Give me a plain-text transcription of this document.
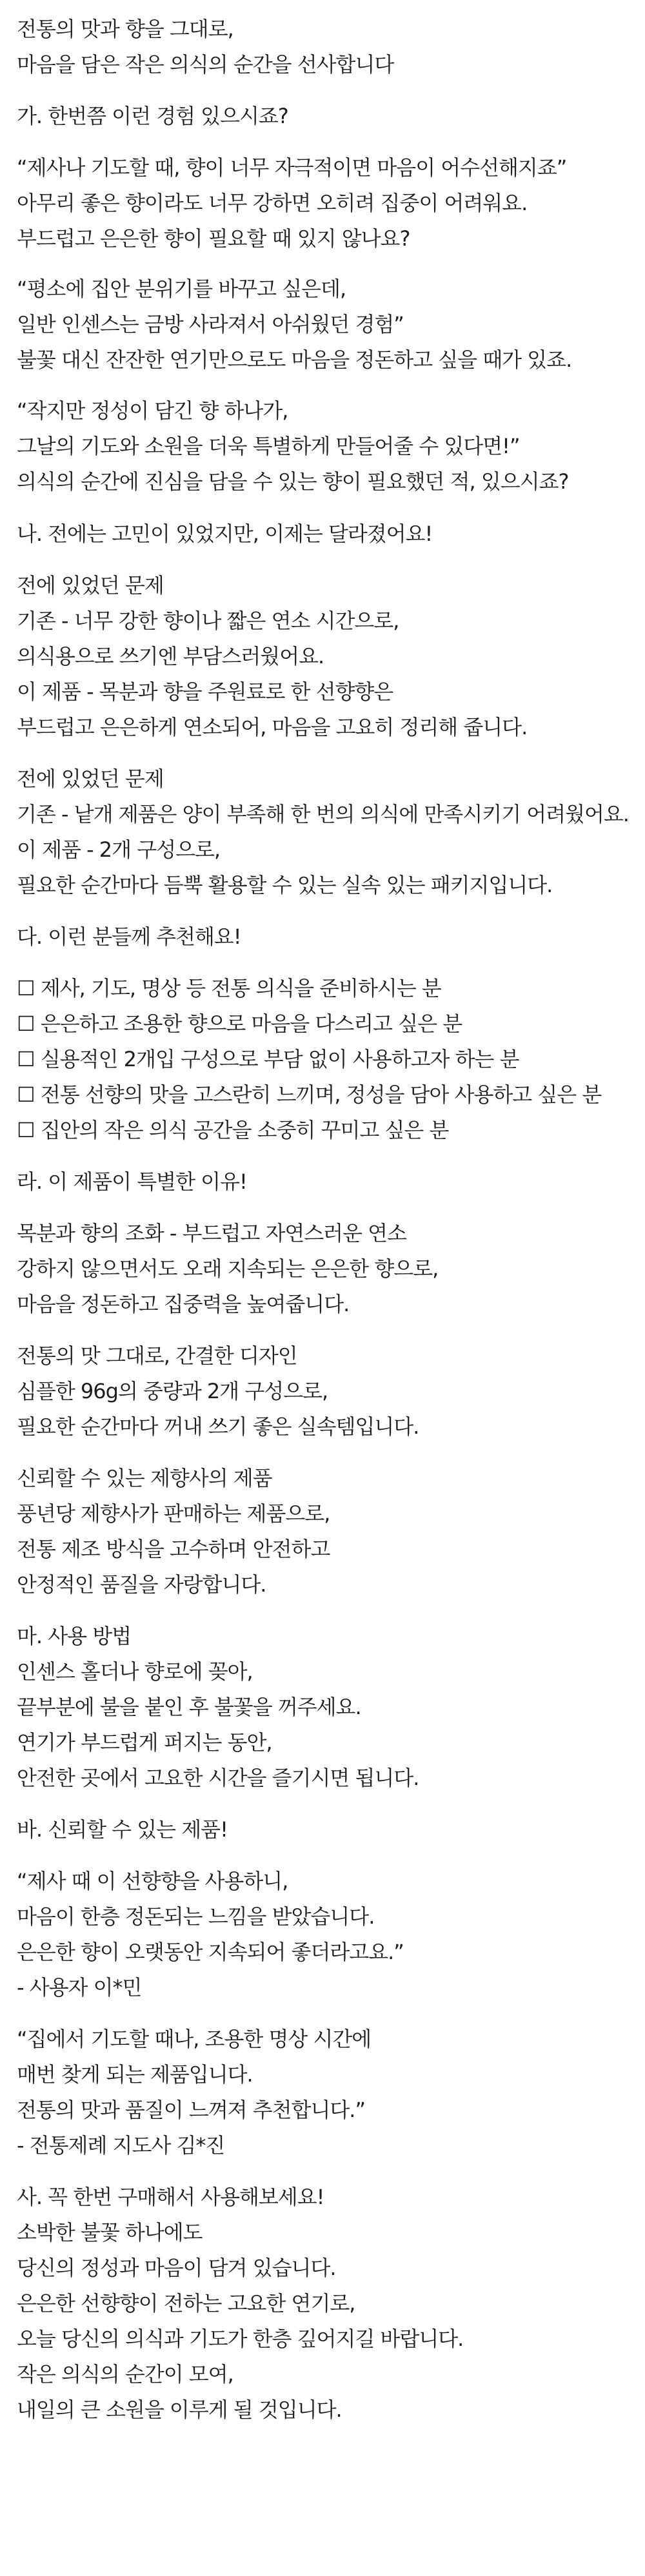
전통의 맛과 향을 그대로,
마음을 담은 작은 의식의 순간을 선사합니다
가. 한번쯤 이런 경험 있으시죠?
“제사나 기도할 때, 향이 너무 자극적이면 마음이 어수선해지죠”
아무리 좋은 향이라도 너무 강하면 오히려 집중이 어려워요.
부드럽고 은은한 향이 필요할 때 있지 않나요?
“평소에 집안 분위기를 바꾸고 싶은데,
일반 인센스는 금방 사라져서 아쉬웠던 경험”
불꽃 대신 잔잔한 연기만으로도 마음을 정돈하고 싶을 때가 있죠.
“작지만 정성이 담긴 향 하나가,
그날의 기도와 소원을 더욱 특별하게 만들어줄 수 있다면!”
의식의 순간에 진심을 담을 수 있는 향이 필요했던 적, 있으시죠?
나. 전에는 고민이 있었지만, 이제는 달라졌어요!
전에 있었던 문제
기존 - 너무 강한 향이나 짧은 연소 시간으로,
의식용으로 쓰기엔 부담스러웠어요.
이 제품 - 목분과 향을 주원료로 한 선향향은
부드럽고 은은하게 연소되어, 마음을 고요히 정리해 줍니다.
전에 있었던 문제
기존 - 낱개 제품은 양이 부족해 한 번의 의식에 만족시키기 어려웠어요.
이 제품 - 2개 구성으로,
필요한 순간마다 듬뿍 활용할 수 있는 실속 있는 패키지입니다.
다. 이런 분들께 추천해요!
☐ 제사, 기도, 명상 등 전통 의식을 준비하시는 분
☐ 은은하고 조용한 향으로 마음을 다스리고 싶은 분
☐ 실용적인 2개입 구성으로 부담 없이 사용하고자 하는 분
☐ 전통 선향의 맛을 고스란히 느끼며, 정성을 담아 사용하고 싶은 분
☐ 집안의 작은 의식 공간을 소중히 꾸미고 싶은 분
라. 이 제품이 특별한 이유!
목분과 향의 조화 - 부드럽고 자연스러운 연소
강하지 않으면서도 오래 지속되는 은은한 향으로,
마음을 정돈하고 집중력을 높여줍니다.
전통의 맛 그대로, 간결한 디자인
심플한 96g의 중량과 2개 구성으로,
필요한 순간마다 꺼내 쓰기 좋은 실속템입니다.
신뢰할 수 있는 제향사의 제품
풍년당 제향사가 판매하는 제품으로,
전통 제조 방식을 고수하며 안전하고
안정적인 품질을 자랑합니다.
마. 사용 방법
인센스 홀더나 향로에 꽂아,
끝부분에 불을 붙인 후 불꽃을 꺼주세요.
연기가 부드럽게 퍼지는 동안,
안전한 곳에서 고요한 시간을 즐기시면 됩니다.
바. 신뢰할 수 있는 제품!
“제사 때 이 선향향을 사용하니,
마음이 한층 정돈되는 느낌을 받았습니다.
은은한 향이 오랫동안 지속되어 좋더라고요.”
- 사용자 이*민
“집에서 기도할 때나, 조용한 명상 시간에
매번 찾게 되는 제품입니다.
전통의 맛과 품질이 느껴져 추천합니다.”
- 전통제례 지도사 김*진
사. 꼭 한번 구매해서 사용해보세요!
소박한 불꽃 하나에도
당신의 정성과 마음이 담겨 있습니다.
은은한 선향향이 전하는 고요한 연기로,
오늘 당신의 의식과 기도가 한층 깊어지길 바랍니다.
작은 의식의 순간이 모여,
내일의 큰 소원을 이루게 될 것입니다.
